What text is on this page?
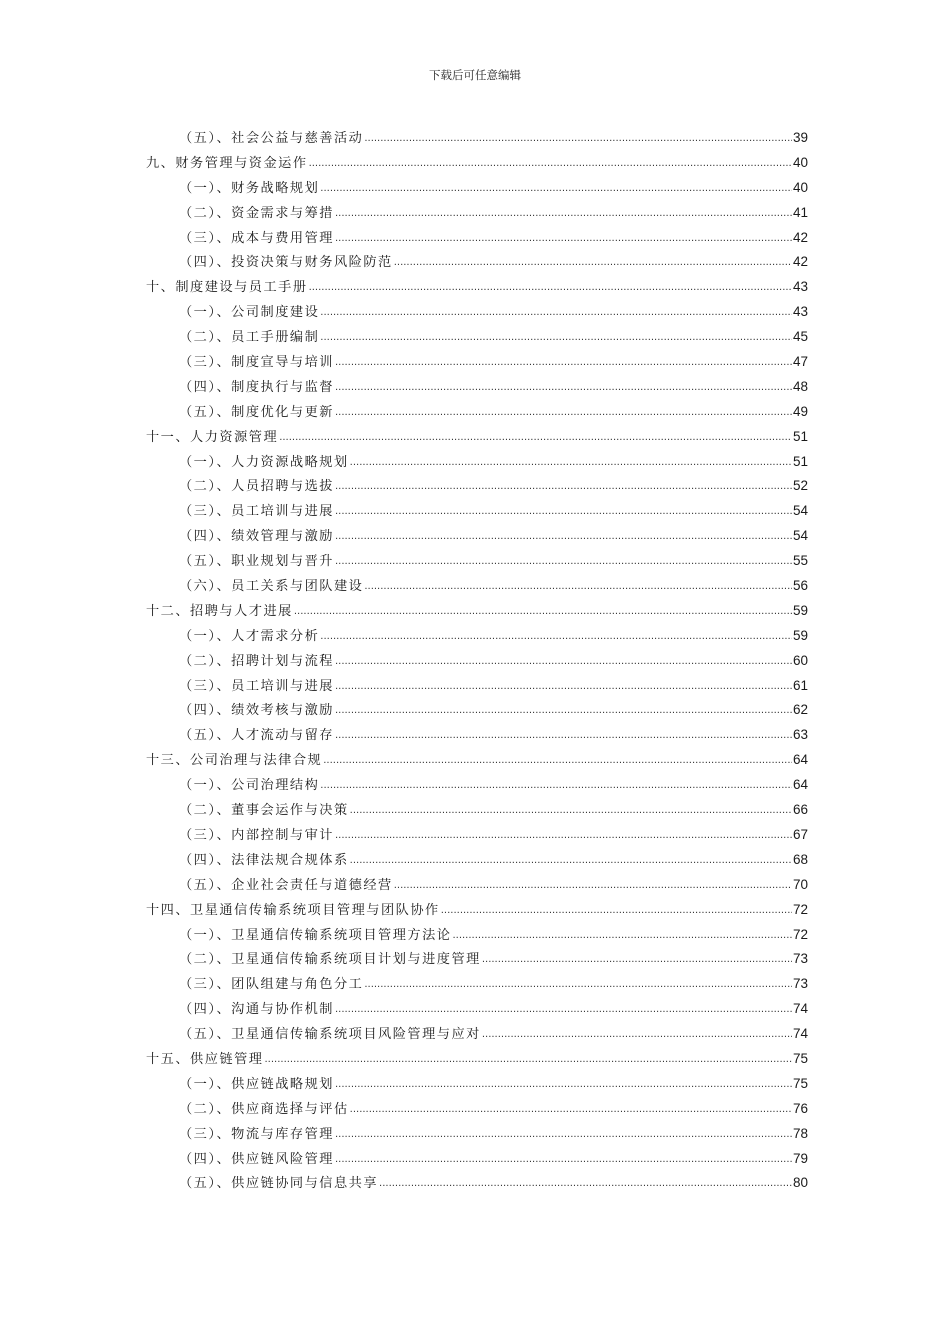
下载后可任意编辑
（五）、社会公益与慈善活动 .....	39
九、财务管理与资金运作 .....	40
（一）、财务战略规划 .....	40
（二）、资金需求与筹措 .....	41
（三）、成本与费用管理 .....	42
（四）、投资决策与财务风险防范 .....	42
十、制度建设与员工手册 .....	43
（一）、公司制度建设 .....	43
（二）、员工手册编制 .....	45
（三）、制度宣导与培训 .....	47
（四）、制度执行与监督 .....	48
（五）、制度优化与更新 .....	49
十一、人力资源管理 .....	51
（一）、人力资源战略规划 .....	51
（二）、人员招聘与选拔 .....	52
（三）、员工培训与进展 .....	54
（四）、绩效管理与激励 .....	54
（五）、职业规划与晋升 .....	55
（六）、员工关系与团队建设 .....	56
十二、招聘与人才进展 .....	59
（一）、人才需求分析 .....	59
（二）、招聘计划与流程 .....	60
（三）、员工培训与进展 .....	61
（四）、绩效考核与激励 .....	62
（五）、人才流动与留存 .....	63
十三、公司治理与法律合规 .....	64
（一）、公司治理结构 .....	64
（二）、董事会运作与决策 .....	66
（三）、内部控制与审计 .....	67
（四）、法律法规合规体系 .....	68
（五）、企业社会责任与道德经营 .....	70
十四、卫星通信传输系统项目管理与团队协作 .....	72
（一）、卫星通信传输系统项目管理方法论 .....	72
（二）、卫星通信传输系统项目计划与进度管理 .....	73
（三）、团队组建与角色分工 .....	73
（四）、沟通与协作机制 .....	74
（五）、卫星通信传输系统项目风险管理与应对 .....	74
十五、供应链管理 .....	75
（一）、供应链战略规划 .....	75
（二）、供应商选择与评估 .....	76
（三）、物流与库存管理 .....	78
（四）、供应链风险管理 .....	79
（五）、供应链协同与信息共享 .....	80
